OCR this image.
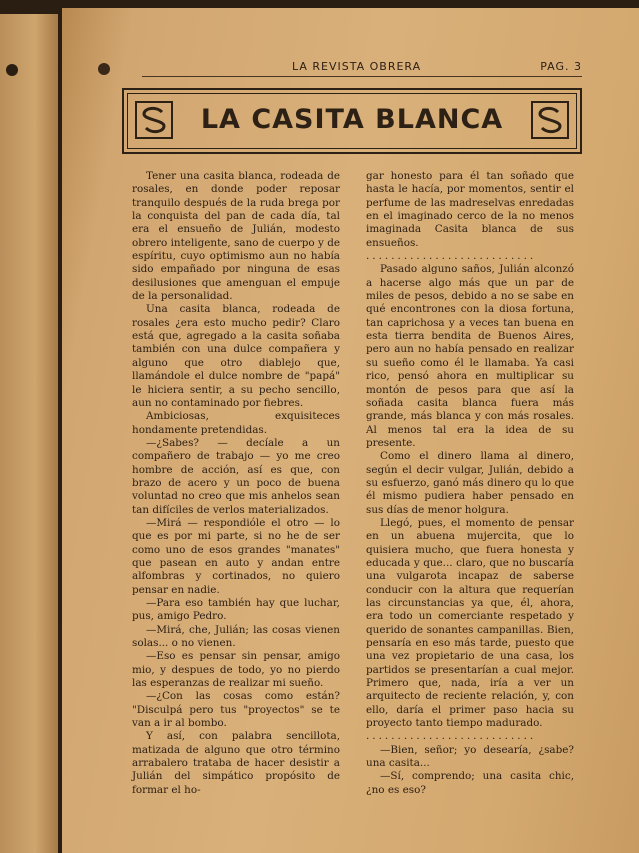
LA REVISTA OBRERA	PAG. 3
LA CASITA BLANCA

Tener una casita blanca, rodeada de rosales, en donde poder reposar tranquilo después de la ruda brega por la conquista del pan de cada día, tal era el ensueño de Julián, modesto obrero inteligente, sano de cuerpo y de espíritu, cuyo optimismo aun no había sido empañado por ninguna de esas desilusiones que amenguan el empuje de la personalidad.

Una casita blanca, rodeada de rosales ¿era esto mucho pedir? Claro está que, agregado a la casita soñaba también con una dulce compañera y alguno que otro diablejo que, llamándole el dulce nombre de "papá" le hiciera sentir, a su pecho sencillo, aun no contaminado por fiebres.

Ambiciosas, exquisiteces hondamente pretendidas.

—¿Sabes? — decíale a un compañero de trabajo — yo me creo hombre de acción, así es que, con brazo de acero y un poco de buena voluntad no creo que mis anhelos sean tan difíciles de verlos materializados.

—Mirá — respondióle el otro — lo que es por mi parte, si no he de ser como uno de esos grandes "manates" que pasean en auto y andan entre alfombras y cortinados, no quiero pensar en nadie.

—Para eso también hay que luchar, pus, amigo Pedro.

—Mirá, che, Julián; las cosas vienen solas... o no vienen.

—Eso es pensar sin pensar, amigo mio, y despues de todo, yo no pierdo las esperanzas de realizar mi sueño.

—¿Con las cosas como están? "Disculpá pero tus "proyectos" se te van a ir al bombo.

Y así, con palabra sencillota, matizada de alguno que otro término arrabalero trataba de hacer desistir a Julián del simpático propósito de formar el ho-

gar honesto para él tan soñado que hasta le hacía, por momentos, sentir el perfume de las madreselvas enredadas en el imaginado cerco de la no menos imaginada Casita blanca de sus ensueños.

...........................

Pasado alguno saños, Julián alconzó a hacerse algo más que un par de miles de pesos, debido a no se sabe en qué encontrones con la diosa fortuna, tan caprichosa y a veces tan buena en esta tierra bendita de Buenos Aires, pero aun no había pensado en realizar su sueño como él le llamaba. Ya casi rico, pensó ahora en multiplicar su montón de pesos para que así la soñada casita blanca fuera más grande, más blanca y con más rosales. Al menos tal era la idea de su presente.

Como el dinero llama al dinero, según el decir vulgar, Julián, debido a su esfuerzo, ganó más dinero qu lo que él mismo pudiera haber pensado en sus días de menor holgura.

Llegó, pues, el momento de pensar en un abuena mujercita, que lo quisiera mucho, que fuera honesta y educada y que... claro, que no buscaría una vulgarota incapaz de saberse conducir con la altura que requerían las circunstancias ya que, él, ahora, era todo un comerciante respetado y querido de sonantes campanillas. Bien, pensaría en eso más tarde, puesto que una vez propietario de una casa, los partidos se presentarían a cual mejor. Primero que, nada, iría a ver un arquitecto de reciente relación, y, con ello, daría el primer paso hacia su proyecto tanto tiempo madurado.

...........................

—Bien, señor; yo desearía, ¿sabe? una casita...

—Sí, comprendo; una casita chic, ¿no es eso?
